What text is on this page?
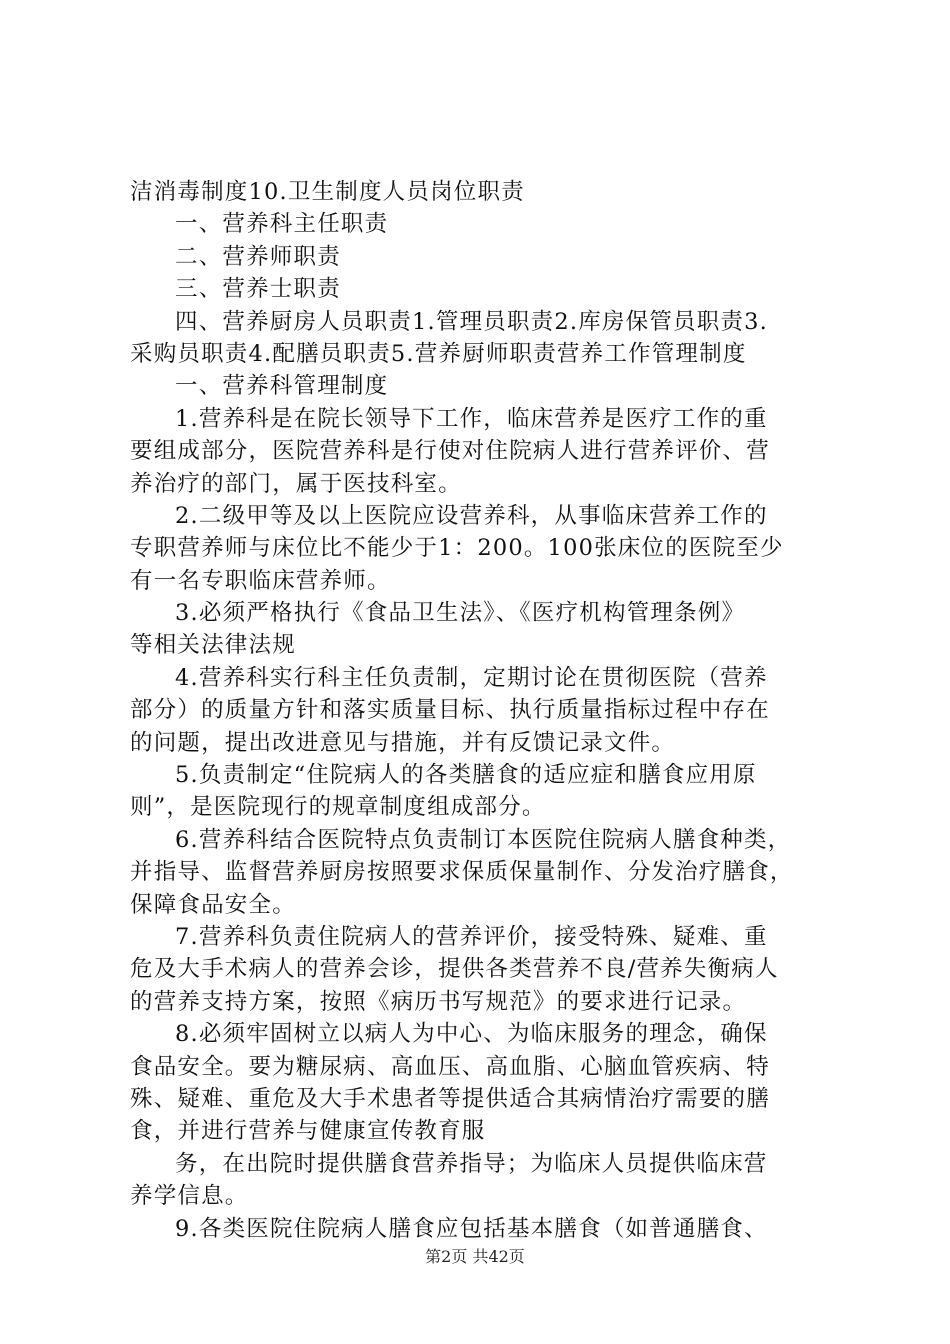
洁消毒制度10.卫生制度人员岗位职责
一、营养科主任职责
二、营养师职责
三、营养士职责
四、营养厨房人员职责1.管理员职责2.库房保管员职责3.
采购员职责4.配膳员职责5.营养厨师职责营养工作管理制度
一、营养科管理制度
1.营养科是在院长领导下工作，临床营养是医疗工作的重
要组成部分，医院营养科是行使对住院病人进行营养评价、营
养治疗的部门，属于医技科室。
2.二级甲等及以上医院应设营养科，从事临床营养工作的
专职营养师与床位比不能少于1：200。100张床位的医院至少
有一名专职临床营养师。
3.必须严格执行《食品卫生法》、《医疗机构管理条例》
等相关法律法规
4.营养科实行科主任负责制，定期讨论在贯彻医院（营养
部分）的质量方针和落实质量目标、执行质量指标过程中存在
的问题，提出改进意见与措施，并有反馈记录文件。
5.负责制定“住院病人的各类膳食的适应症和膳食应用原
则”，是医院现行的规章制度组成部分。
6.营养科结合医院特点负责制订本医院住院病人膳食种类，
并指导、监督营养厨房按照要求保质保量制作、分发治疗膳食，
保障食品安全。
7.营养科负责住院病人的营养评价，接受特殊、疑难、重
危及大手术病人的营养会诊，提供各类营养不良/营养失衡病人
的营养支持方案，按照《病历书写规范》的要求进行记录。
8.必须牢固树立以病人为中心、为临床服务的理念，确保
食品安全。要为糖尿病、高血压、高血脂、心脑血管疾病、特
殊、疑难、重危及大手术患者等提供适合其病情治疗需要的膳
食，并进行营养与健康宣传教育服
务，在出院时提供膳食营养指导；为临床人员提供临床营
养学信息。
9.各类医院住院病人膳食应包括基本膳食（如普通膳食、
第2页 共42页
